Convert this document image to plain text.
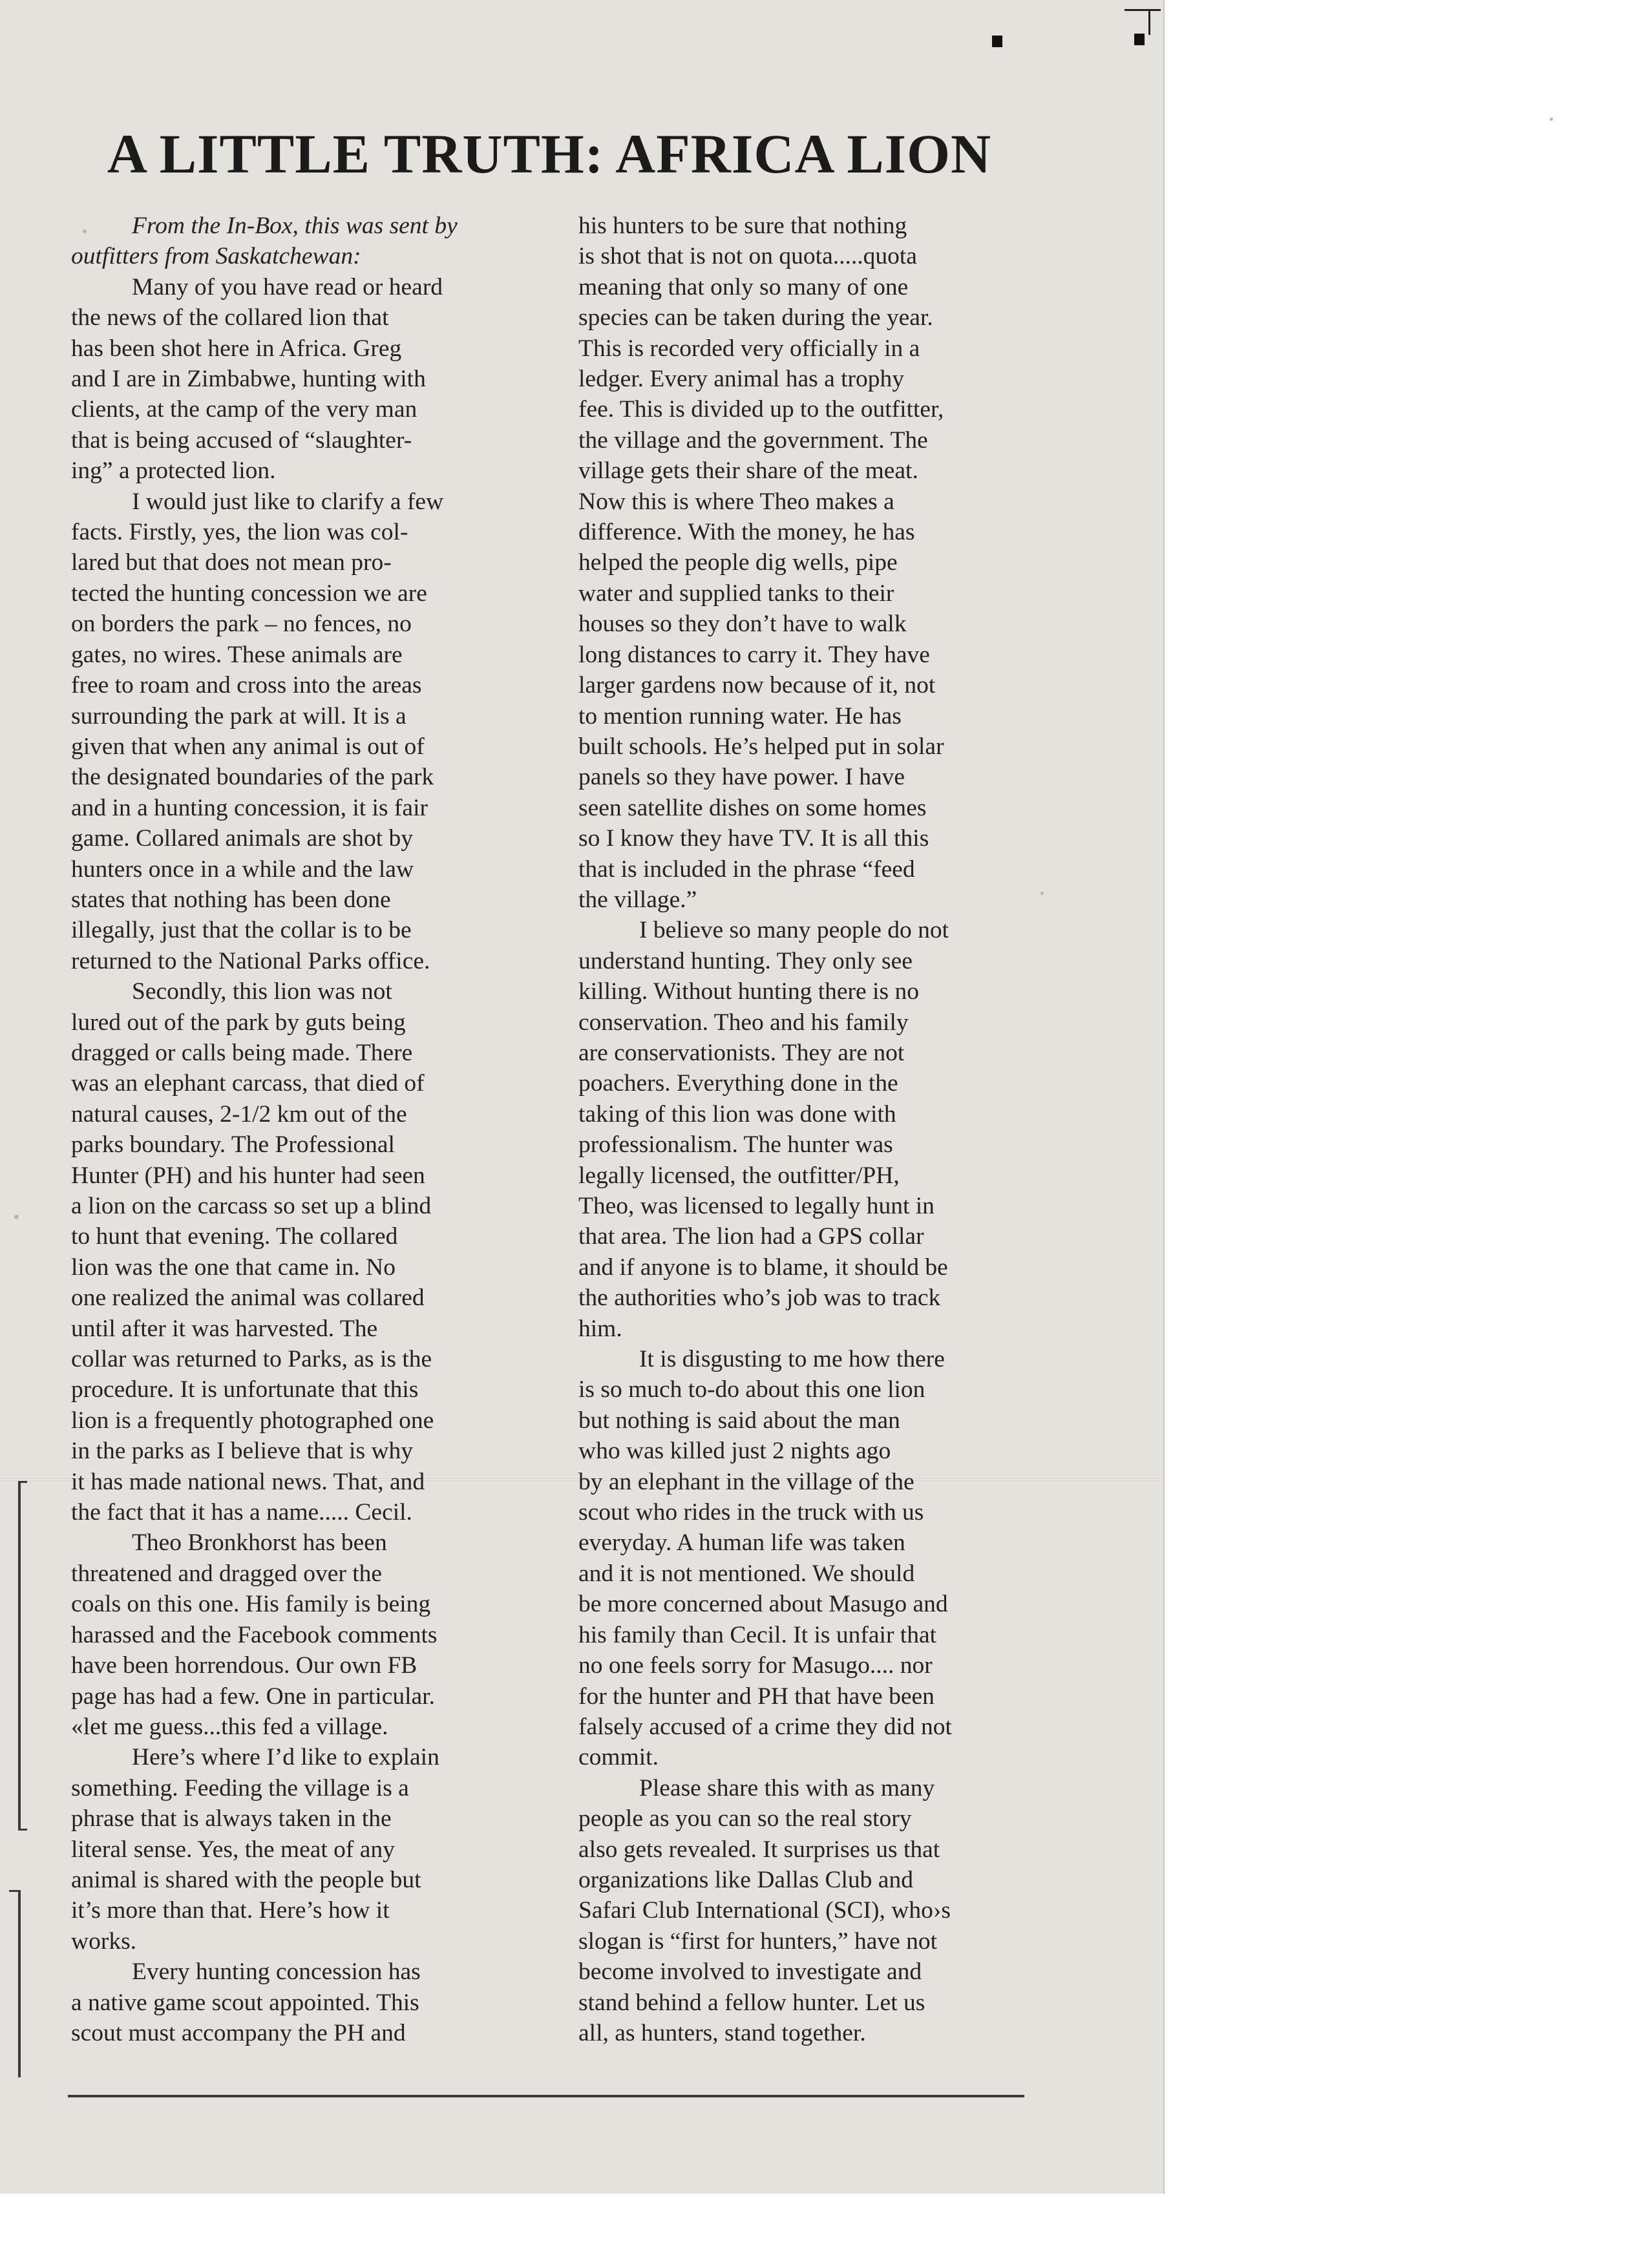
A LITTLE TRUTH: AFRICA LION
From the In-Box, this was sent by
outfitters from Saskatchewan:
Many of you have read or heard
the news of the collared lion that
has been shot here in Africa. Greg
and I are in Zimbabwe, hunting with
clients, at the camp of the very man
that is being accused of “slaughter-
ing” a protected lion.
I would just like to clarify a few
facts. Firstly, yes, the lion was col-
lared but that does not mean pro-
tected the hunting concession we are
on borders the park – no fences, no
gates, no wires. These animals are
free to roam and cross into the areas
surrounding the park at will. It is a
given that when any animal is out of
the designated boundaries of the park
and in a hunting concession, it is fair
game. Collared animals are shot by
hunters once in a while and the law
states that nothing has been done
illegally, just that the collar is to be
returned to the National Parks office.
Secondly, this lion was not
lured out of the park by guts being
dragged or calls being made. There
was an elephant carcass, that died of
natural causes, 2-1/2 km out of the
parks boundary. The Professional
Hunter (PH) and his hunter had seen
a lion on the carcass so set up a blind
to hunt that evening. The collared
lion was the one that came in. No
one realized the animal was collared
until after it was harvested. The
collar was returned to Parks, as is the
procedure. It is unfortunate that this
lion is a frequently photographed one
in the parks as I believe that is why
it has made national news. That, and
the fact that it has a name..... Cecil.
Theo Bronkhorst has been
threatened and dragged over the
coals on this one. His family is being
harassed and the Facebook comments
have been horrendous. Our own FB
page has had a few. One in particular.
«let me guess...this fed a village.
Here’s where I’d like to explain
something. Feeding the village is a
phrase that is always taken in the
literal sense. Yes, the meat of any
animal is shared with the people but
it’s more than that. Here’s how it
works.
Every hunting concession has
a native game scout appointed. This
scout must accompany the PH and
his hunters to be sure that nothing
is shot that is not on quota.....quota
meaning that only so many of one
species can be taken during the year.
This is recorded very officially in a
ledger. Every animal has a trophy
fee. This is divided up to the outfitter,
the village and the government. The
village gets their share of the meat.
Now this is where Theo makes a
difference. With the money, he has
helped the people dig wells, pipe
water and supplied tanks to their
houses so they don’t have to walk
long distances to carry it. They have
larger gardens now because of it, not
to mention running water. He has
built schools. He’s helped put in solar
panels so they have power. I have
seen satellite dishes on some homes
so I know they have TV. It is all this
that is included in the phrase “feed
the village.”
I believe so many people do not
understand hunting. They only see
killing. Without hunting there is no
conservation. Theo and his family
are conservationists. They are not
poachers. Everything done in the
taking of this lion was done with
professionalism. The hunter was
legally licensed, the outfitter/PH,
Theo, was licensed to legally hunt in
that area. The lion had a GPS collar
and if anyone is to blame, it should be
the authorities who’s job was to track
him.
It is disgusting to me how there
is so much to-do about this one lion
but nothing is said about the man
who was killed just 2 nights ago
by an elephant in the village of the
scout who rides in the truck with us
everyday. A human life was taken
and it is not mentioned. We should
be more concerned about Masugo and
his family than Cecil. It is unfair that
no one feels sorry for Masugo.... nor
for the hunter and PH that have been
falsely accused of a crime they did not
commit.
Please share this with as many
people as you can so the real story
also gets revealed. It surprises us that
organizations like Dallas Club and
Safari Club International (SCI), who›s
slogan is “first for hunters,” have not
become involved to investigate and
stand behind a fellow hunter. Let us
all, as hunters, stand together.
